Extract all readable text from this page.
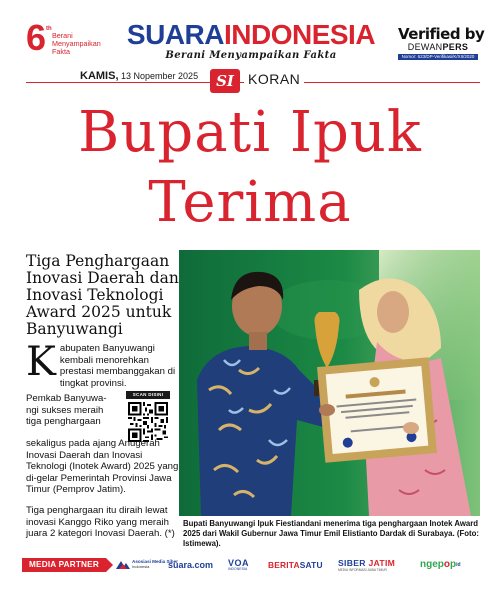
6 th
Berani Menyampaikan Fakta
SUARAINDONESIA
Berani Menyampaikan Fakta
Verified by
DEWANPERS
Nomor: 623/DP-Verifikasi/K/XII/2020
KAMIS, 13 Nopember 2025	SI	KORAN
Bupati Ipuk
Terima
Tiga Penghargaan Inovasi Daerah dan Inovasi Teknologi Award 2025 untuk Banyuwangi
Kabupaten Banyuwangi kembali menorehkan prestasi membanggakan di tingkat provinsi.
Pemkab Banyuwa-ngi sukses meraih tiga penghargaan
SCAN DISINI
sekaligus pada ajang Anugerah Inovasi Daerah dan Inovasi Teknologi (Inotek Award) 2025 yang di-gelar Pemerintah Provinsi Jawa Timur (Pemprov Jatim).
Tiga penghargaan itu diraih lewat inovasi Kanggo Riko yang meraih juara 2 kategori Inovasi Daerah. (*)
Bupati Banyuwangi Ipuk Fiestiandani menerima tiga penghargaan Inotek Award 2025 dari Wakil Gubernur Jawa Timur Emil Elistianto Dardak di Surabaya. (Foto: Istimewa).
MEDIA PARTNER	Asosiasi Media Siber
Indonesia suara.com VOA
INDONESIA	BERITASATU SIBER JATIM
MEDIA INFORMASI JAWA TIMUR	ngepop$^{id}$
